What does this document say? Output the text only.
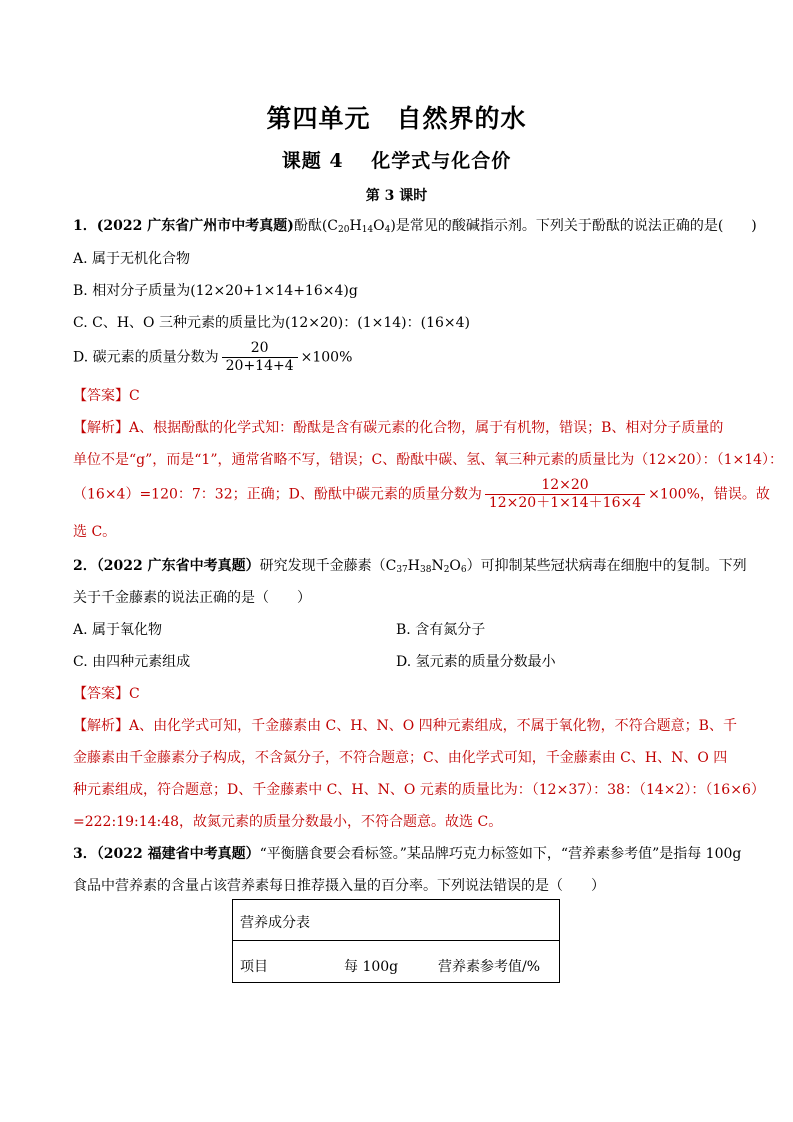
第四单元　自然界的水
课题 4　 化学式与化合价
第 3 课时
1．(2022 广东省广州市中考真题)酚酞$(C_{20}H_{14}O_4)$是常见的酸碱指示剂。下列关于酚酞的说法正确的是(　　)
A. 属于无机化合物
B. 相对分子质量为(12×20+1×14+16×4)g
C. C、H、O 三种元素的质量比为(12×20)：(1×14)：(16×4)
D. 碳元素的质量分数为 $\frac{20}{20+14+4} \times 100\%$
【答案】C
【解析】A、根据酚酞的化学式知：酚酞是含有碳元素的化合物，属于有机物，错误；B、相对分子质量的
单位不是“g”，而是“1”，通常省略不写，错误；C、酚酞中碳、氢、氧三种元素的质量比为（12×20）：（1×14）：
（16×4）=120：7：32；正确；D、酚酞中碳元素的质量分数为 $\frac{12\times 20}{12\times 20+1\times 14+16\times 4} \times 100\%$，错误。故
选 C。
2．（2022 广东省中考真题）研究发现千金藤素$(C_{37}H_{38}N_2O_6)$可抑制某些冠状病毒在细胞中的复制。下列
关于千金藤素的说法正确的是（　　）
A. 属于氧化物	B. 含有氮分子
C. 由四种元素组成	D. 氢元素的质量分数最小
【答案】C
【解析】A、由化学式可知，千金藤素由 C、H、N、O 四种元素组成，不属于氧化物，不符合题意；B、千
金藤素由千金藤素分子构成，不含氮分子，不符合题意；C、由化学式可知，千金藤素由 C、H、N、O 四
种元素组成，符合题意；D、千金藤素中 C、H、N、O 元素的质量比为：（12×37）：38：（14×2）：（16×6）
=222:19:14:48，故氮元素的质量分数最小，不符合题意。故选 C。
3．（2022 福建省中考真题）“平衡膳食要会看标签。”某品牌巧克力标签如下，“营养素参考值”是指每 100g
食品中营养素的含量占该营养素每日推荐摄入量的百分率。下列说法错误的是（　　）
营养成分表
项目	每 100g	营养素参考值/%
